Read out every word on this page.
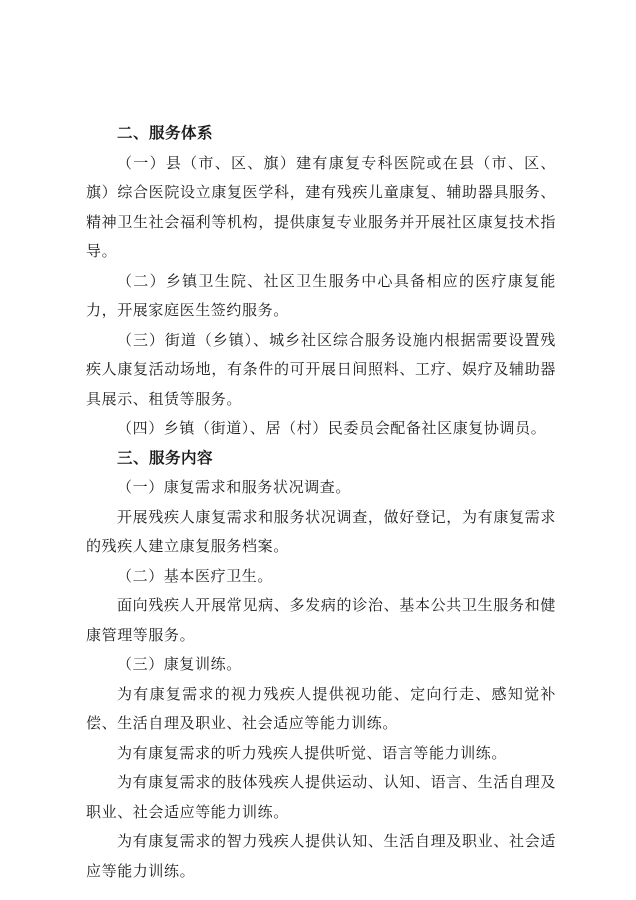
二、服务体系

（一）县（市、区、旗）建有康复专科医院或在县（市、区、旗）综合医院设立康复医学科，建有残疾儿童康复、辅助器具服务、精神卫生社会福利等机构，提供康复专业服务并开展社区康复技术指导。

（二）乡镇卫生院、社区卫生服务中心具备相应的医疗康复能力，开展家庭医生签约服务。

（三）街道（乡镇）、城乡社区综合服务设施内根据需要设置残疾人康复活动场地，有条件的可开展日间照料、工疗、娱疗及辅助器具展示、租赁等服务。

（四）乡镇（街道）、居（村）民委员会配备社区康复协调员。

三、服务内容

（一）康复需求和服务状况调查。

开展残疾人康复需求和服务状况调查，做好登记，为有康复需求的残疾人建立康复服务档案。

（二）基本医疗卫生。

面向残疾人开展常见病、多发病的诊治、基本公共卫生服务和健康管理等服务。

（三）康复训练。

为有康复需求的视力残疾人提供视功能、定向行走、感知觉补偿、生活自理及职业、社会适应等能力训练。

为有康复需求的听力残疾人提供听觉、语言等能力训练。

为有康复需求的肢体残疾人提供运动、认知、语言、生活自理及职业、社会适应等能力训练。

为有康复需求的智力残疾人提供认知、生活自理及职业、社会适应等能力训练。
